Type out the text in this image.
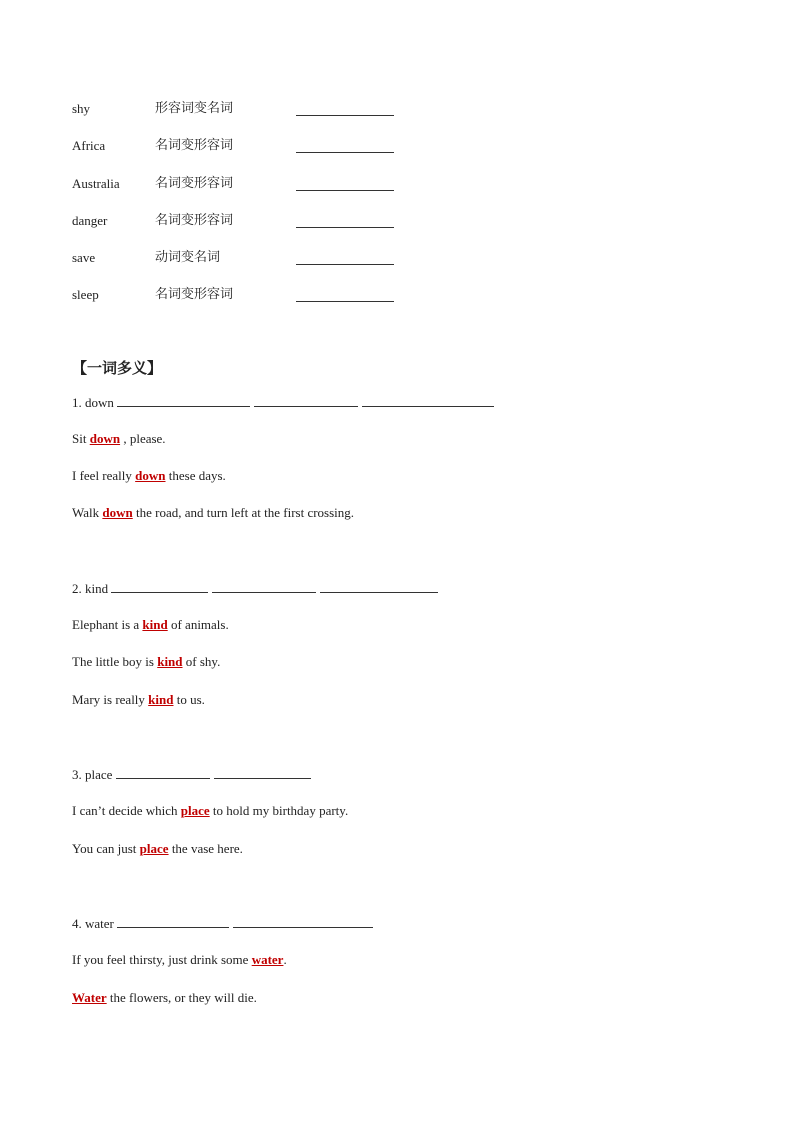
shy	形容词变名词
Africa	名词变形容词
Australia	名词变形容词
danger	名词变形容词
save	动词变名词
sleep	名词变形容词
【一词多义】
1. down
Sit down , please.
I feel really down these days.
Walk down the road, and turn left at the first crossing.
2. kind
Elephant is a kind of animals.
The little boy is kind of shy.
Mary is really kind to us.
3. place
I can’t decide which place to hold my birthday party.
You can just place the vase here.
4. water
If you feel thirsty, just drink some water.
Water the flowers, or they will die.
